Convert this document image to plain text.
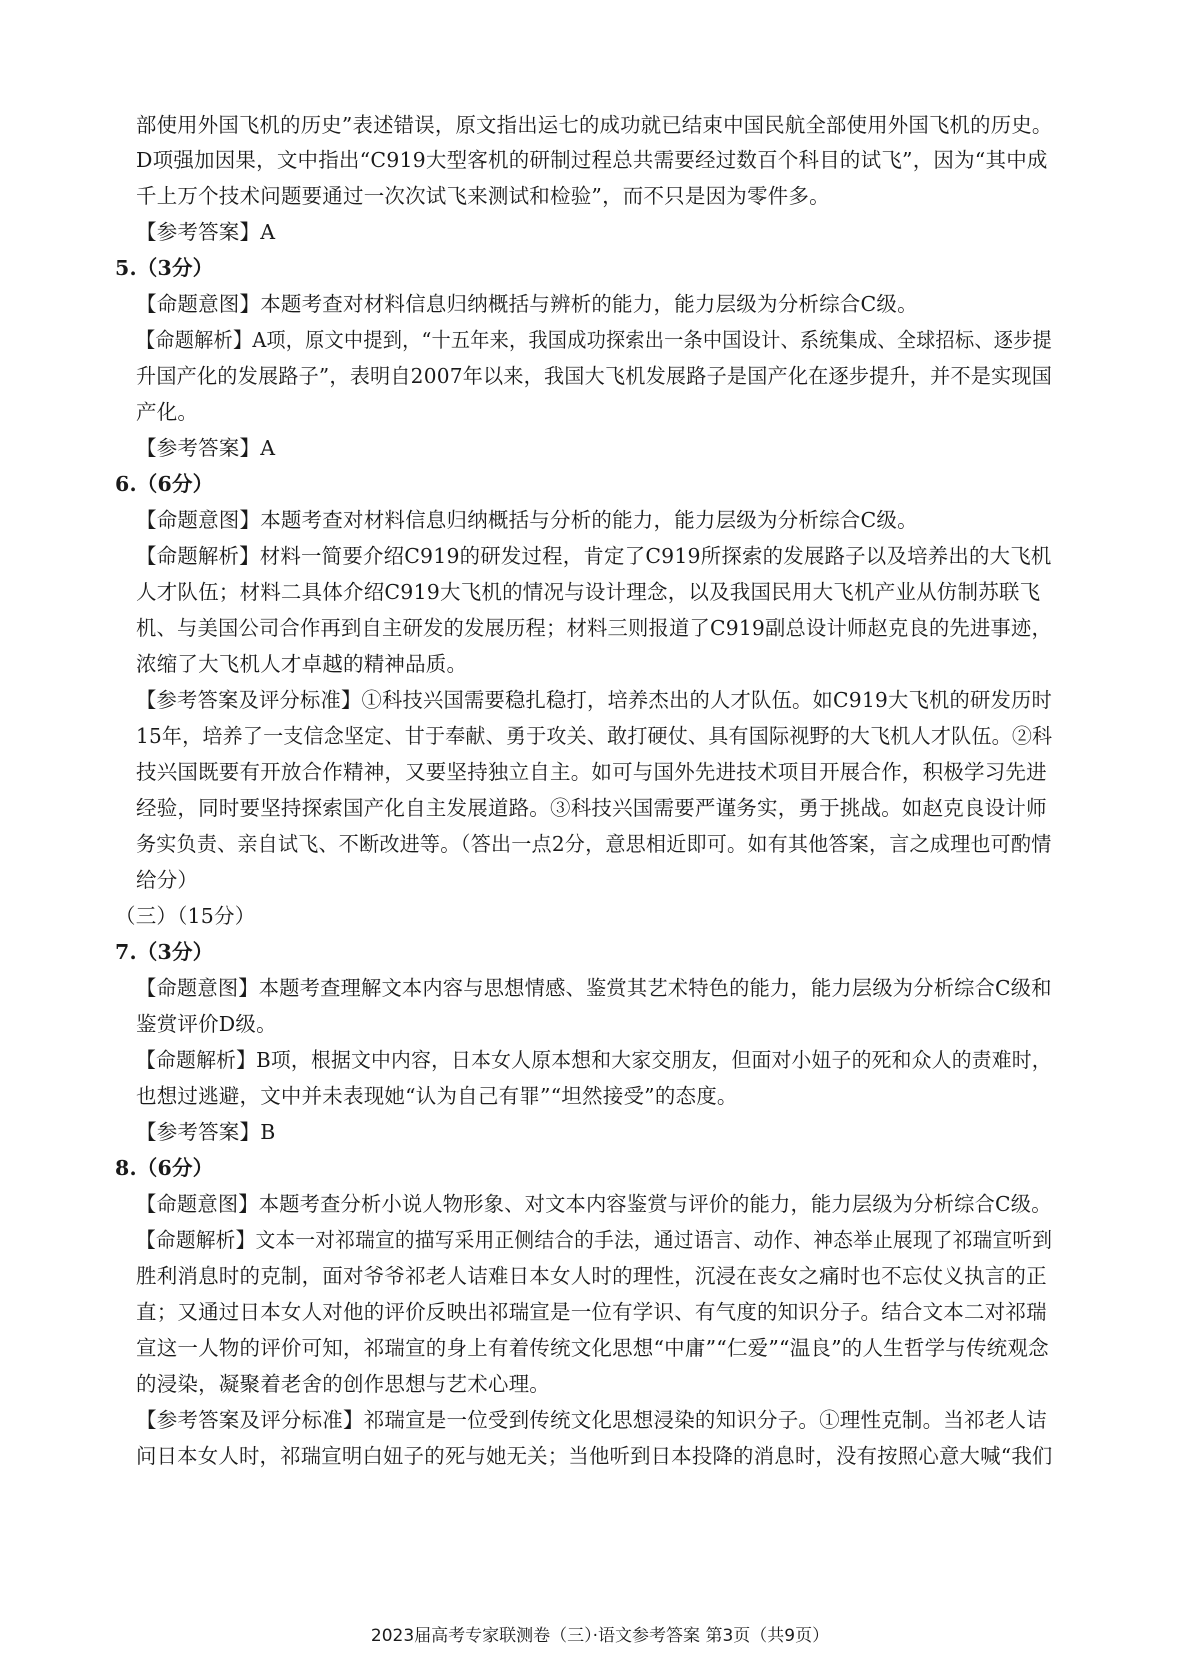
部使用外国飞机的历史”表述错误，原文指出运七的成功就已结束中国民航全部使用外国飞机的历史。
D项强加因果，文中指出“C919大型客机的研制过程总共需要经过数百个科目的试飞”，因为“其中成
千上万个技术问题要通过一次次试飞来测试和检验”，而不只是因为零件多。
【参考答案】A
5.（3分）
【命题意图】本题考查对材料信息归纳概括与辨析的能力，能力层级为分析综合C级。
【命题解析】A项，原文中提到，“十五年来，我国成功探索出一条中国设计、系统集成、全球招标、逐步提
升国产化的发展路子”，表明自2007年以来，我国大飞机发展路子是国产化在逐步提升，并不是实现国
产化。
【参考答案】A
6.（6分）
【命题意图】本题考查对材料信息归纳概括与分析的能力，能力层级为分析综合C级。
【命题解析】材料一简要介绍C919的研发过程，肯定了C919所探索的发展路子以及培养出的大飞机
人才队伍；材料二具体介绍C919大飞机的情况与设计理念，以及我国民用大飞机产业从仿制苏联飞
机、与美国公司合作再到自主研发的发展历程；材料三则报道了C919副总设计师赵克良的先进事迹，
浓缩了大飞机人才卓越的精神品质。
【参考答案及评分标准】①科技兴国需要稳扎稳打，培养杰出的人才队伍。如C919大飞机的研发历时
15年，培养了一支信念坚定、甘于奉献、勇于攻关、敢打硬仗、具有国际视野的大飞机人才队伍。②科
技兴国既要有开放合作精神，又要坚持独立自主。如可与国外先进技术项目开展合作，积极学习先进
经验，同时要坚持探索国产化自主发展道路。③科技兴国需要严谨务实，勇于挑战。如赵克良设计师
务实负责、亲自试飞、不断改进等。（答出一点2分，意思相近即可。如有其他答案，言之成理也可酌情
给分）
（三）（15分）
7.（3分）
【命题意图】本题考查理解文本内容与思想情感、鉴赏其艺术特色的能力，能力层级为分析综合C级和
鉴赏评价D级。
【命题解析】B项，根据文中内容，日本女人原本想和大家交朋友，但面对小妞子的死和众人的责难时，
也想过逃避，文中并未表现她“认为自己有罪”“坦然接受”的态度。
【参考答案】B
8.（6分）
【命题意图】本题考查分析小说人物形象、对文本内容鉴赏与评价的能力，能力层级为分析综合C级。
【命题解析】文本一对祁瑞宣的描写采用正侧结合的手法，通过语言、动作、神态举止展现了祁瑞宣听到
胜利消息时的克制，面对爷爷祁老人诘难日本女人时的理性，沉浸在丧女之痛时也不忘仗义执言的正
直；又通过日本女人对他的评价反映出祁瑞宣是一位有学识、有气度的知识分子。结合文本二对祁瑞
宣这一人物的评价可知，祁瑞宣的身上有着传统文化思想“中庸”“仁爱”“温良”的人生哲学与传统观念
的浸染，凝聚着老舍的创作思想与艺术心理。
【参考答案及评分标准】祁瑞宣是一位受到传统文化思想浸染的知识分子。①理性克制。当祁老人诘
问日本女人时，祁瑞宣明白妞子的死与她无关；当他听到日本投降的消息时，没有按照心意大喊“我们
2023届高考专家联测卷（三）·语文参考答案 第3页（共9页）
